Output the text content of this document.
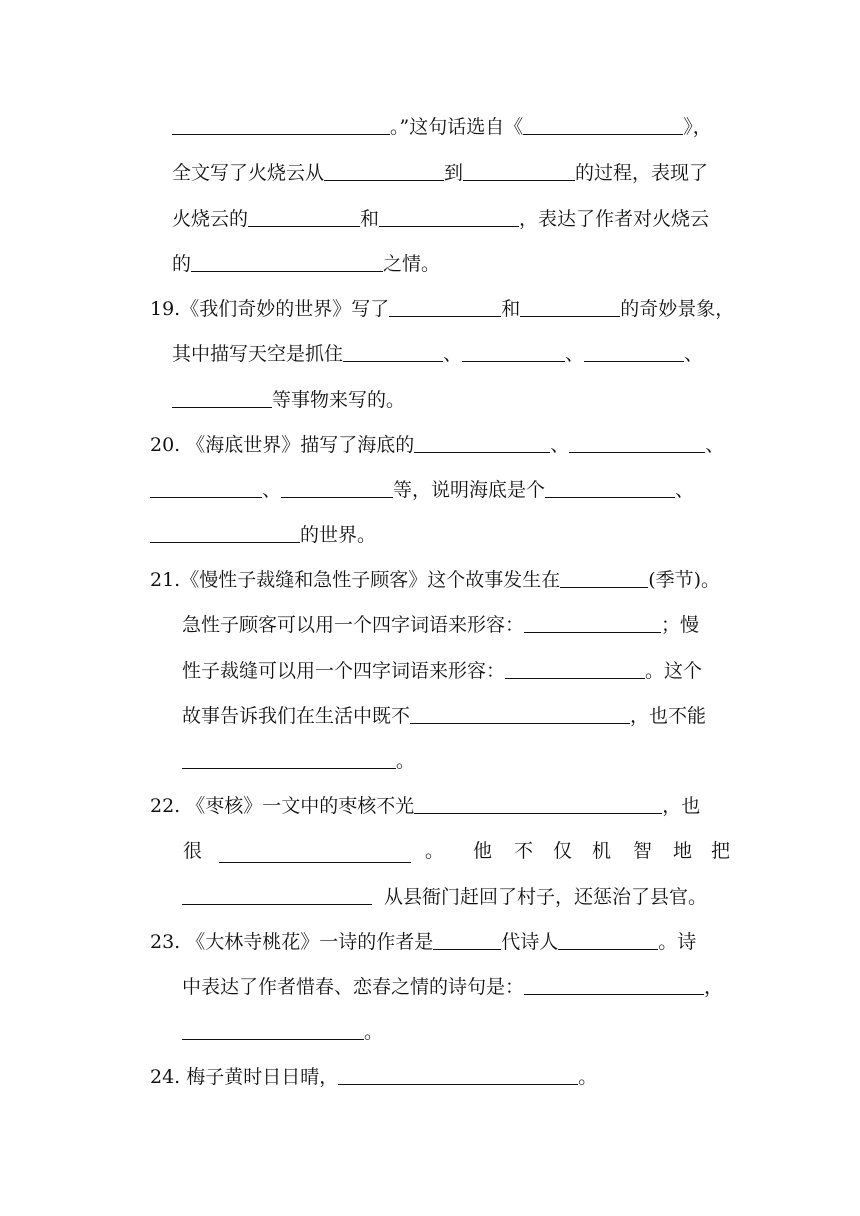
。”这句话选自《	》，
全文写了火烧云从	到	的过程，表现了
火烧云的	和	，表达了作者对火烧云
的	之情。
19.《我们奇妙的世界》写了	和	的奇妙景象，
其中描写天空是抓住	、	、	、
等事物来写的。
20. 《海底世界》描写了海底的	、	、
、	等，说明海底是个	、
的世界。
21.《慢性子裁缝和急性子顾客》这个故事发生在	(季节)。
急性子顾客可以用一个四字词语来形容：	；慢
性子裁缝可以用一个四字词语来形容：	。这个
故事告诉我们在生活中既不	，也不能
。
22. 《枣核》一文中的枣核不光	，也
很	。 他 不 仅 机 智 地 把
从县衙门赶回了村子，还惩治了县官。
23. 《大林寺桃花》一诗的作者是	代诗人	。诗
中表达了作者惜春、恋春之情的诗句是：	，
。
24. 梅子黄时日日晴，	。
